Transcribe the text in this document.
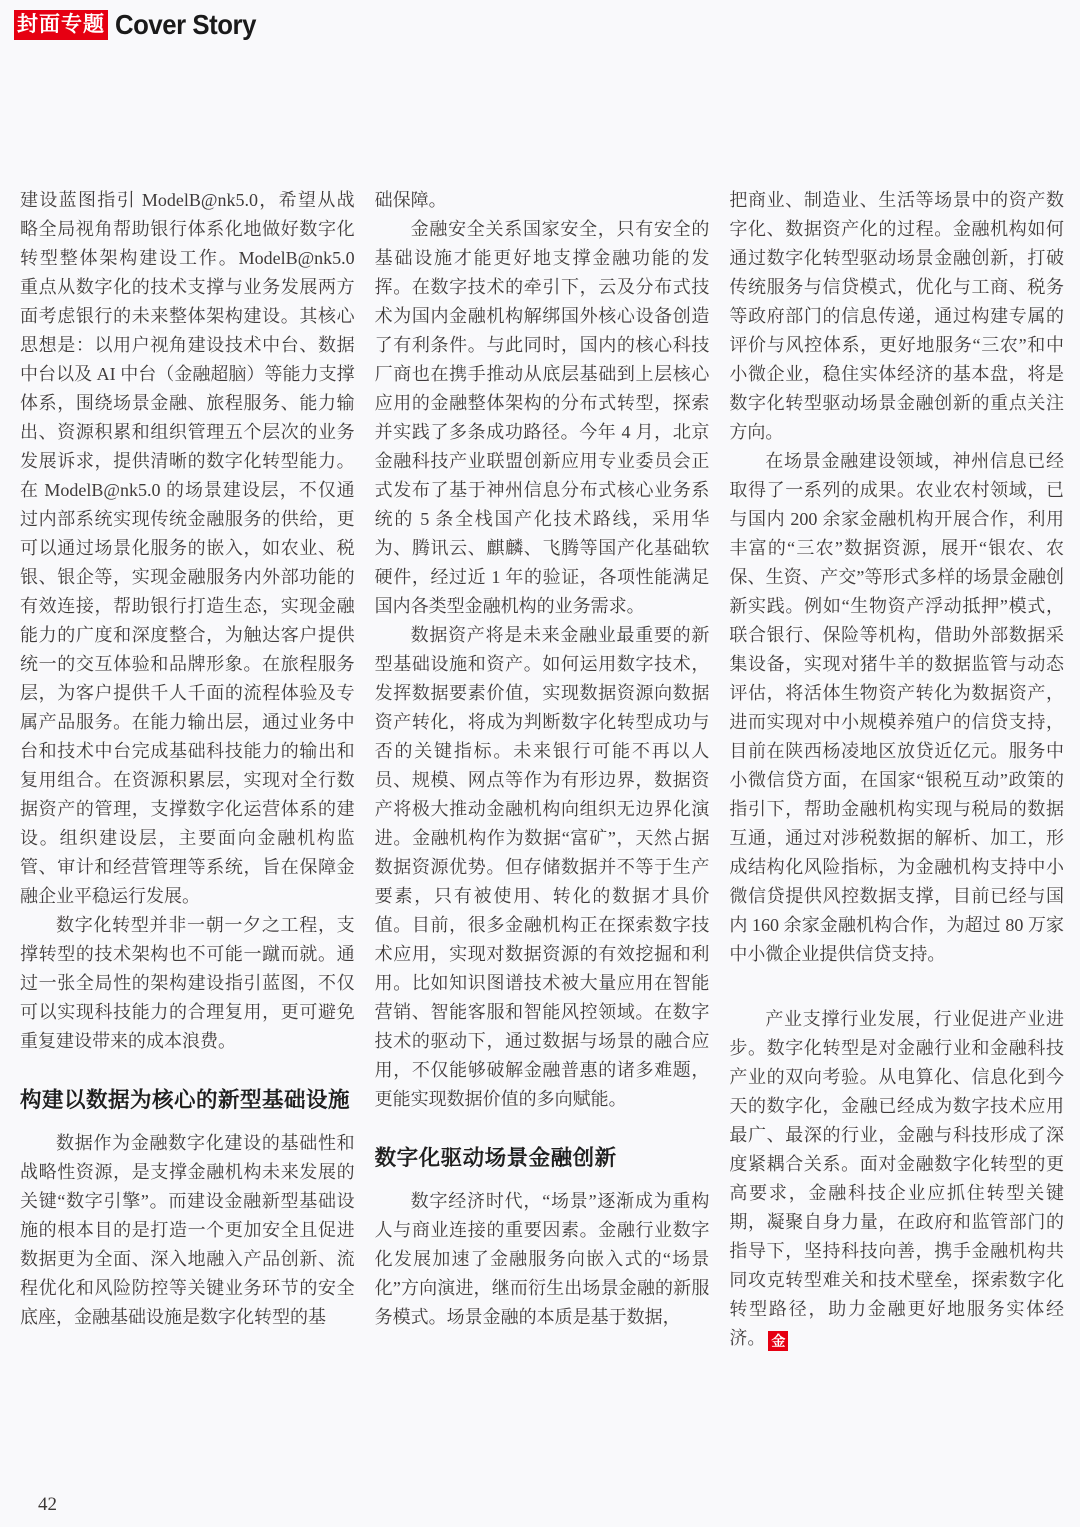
封面专题 Cover Story

建设蓝图指引 ModelB@nk5.0，希望从战略全局视角帮助银行体系化地做好数字化转型整体架构建设工作。ModelB@nk5.0 重点从数字化的技术支撑与业务发展两方面考虑银行的未来整体架构建设。其核心思想是：以用户视角建设技术中台、数据中台以及 AI 中台（金融超脑）等能力支撑体系，围绕场景金融、旅程服务、能力输出、资源积累和组织管理五个层次的业务发展诉求，提供清晰的数字化转型能力。在 ModelB@nk5.0 的场景建设层，不仅通过内部系统实现传统金融服务的供给，更可以通过场景化服务的嵌入，如农业、税银、银企等，实现金融服务内外部功能的有效连接，帮助银行打造生态，实现金融能力的广度和深度整合，为触达客户提供统一的交互体验和品牌形象。在旅程服务层，为客户提供千人千面的流程体验及专属产品服务。在能力输出层，通过业务中台和技术中台完成基础科技能力的输出和复用组合。在资源积累层，实现对全行数据资产的管理，支撑数字化运营体系的建设。组织建设层，主要面向金融机构监管、审计和经营管理等系统，旨在保障金融企业平稳运行发展。

数字化转型并非一朝一夕之工程，支撑转型的技术架构也不可能一蹴而就。通过一张全局性的架构建设指引蓝图，不仅可以实现科技能力的合理复用，更可避免重复建设带来的成本浪费。

构建以数据为核心的新型基础设施

数据作为金融数字化建设的基础性和战略性资源，是支撑金融机构未来发展的关键“数字引擎”。而建设金融新型基础设施的根本目的是打造一个更加安全且促进数据更为全面、深入地融入产品创新、流程优化和风险防控等关键业务环节的安全底座，金融基础设施是数字化转型的基

础保障。

金融安全关系国家安全，只有安全的基础设施才能更好地支撑金融功能的发挥。在数字技术的牵引下，云及分布式技术为国内金融机构解绑国外核心设备创造了有利条件。与此同时，国内的核心科技厂商也在携手推动从底层基础到上层核心应用的金融整体架构的分布式转型，探索并实践了多条成功路径。今年 4 月，北京金融科技产业联盟创新应用专业委员会正式发布了基于神州信息分布式核心业务系统的 5 条全栈国产化技术路线，采用华为、腾讯云、麒麟、飞腾等国产化基础软硬件，经过近 1 年的验证，各项性能满足国内各类型金融机构的业务需求。

数据资产将是未来金融业最重要的新型基础设施和资产。如何运用数字技术，发挥数据要素价值，实现数据资源向数据资产转化，将成为判断数字化转型成功与否的关键指标。未来银行可能不再以人员、规模、网点等作为有形边界，数据资产将极大推动金融机构向组织无边界化演进。金融机构作为数据“富矿”，天然占据数据资源优势。但存储数据并不等于生产要素，只有被使用、转化的数据才具价值。目前，很多金融机构正在探索数字技术应用，实现对数据资源的有效挖掘和利用。比如知识图谱技术被大量应用在智能营销、智能客服和智能风控领域。在数字技术的驱动下，通过数据与场景的融合应用，不仅能够破解金融普惠的诸多难题，更能实现数据价值的多向赋能。

数字化驱动场景金融创新

数字经济时代，“场景”逐渐成为重构人与商业连接的重要因素。金融行业数字化发展加速了金融服务向嵌入式的“场景化”方向演进，继而衍生出场景金融的新服务模式。场景金融的本质是基于数据，

把商业、制造业、生活等场景中的资产数字化、数据资产化的过程。金融机构如何通过数字化转型驱动场景金融创新，打破传统服务与信贷模式，优化与工商、税务等政府部门的信息传递，通过构建专属的评价与风控体系，更好地服务“三农”和中小微企业，稳住实体经济的基本盘，将是数字化转型驱动场景金融创新的重点关注方向。

在场景金融建设领域，神州信息已经取得了一系列的成果。农业农村领域，已与国内 200 余家金融机构开展合作，利用丰富的“三农”数据资源，展开“银农、农保、生资、产交”等形式多样的场景金融创新实践。例如“生物资产浮动抵押”模式，联合银行、保险等机构，借助外部数据采集设备，实现对猪牛羊的数据监管与动态评估，将活体生物资产转化为数据资产，进而实现对中小规模养殖户的信贷支持，目前在陕西杨凌地区放贷近亿元。服务中小微信贷方面，在国家“银税互动”政策的指引下，帮助金融机构实现与税局的数据互通，通过对涉税数据的解析、加工，形成结构化风险指标，为金融机构支持中小微信贷提供风控数据支撑，目前已经与国内 160 余家金融机构合作，为超过 80 万家中小微企业提供信贷支持。

产业支撑行业发展，行业促进产业进步。数字化转型是对金融行业和金融科技产业的双向考验。从电算化、信息化到今天的数字化，金融已经成为数字技术应用最广、最深的行业，金融与科技形成了深度紧耦合关系。面对金融数字化转型的更高要求，金融科技企业应抓住转型关键期，凝聚自身力量，在政府和监管部门的指导下，坚持科技向善，携手金融机构共同攻克转型难关和技术壁垒，探索数字化转型路径，助力金融更好地服务实体经济。 金

42
